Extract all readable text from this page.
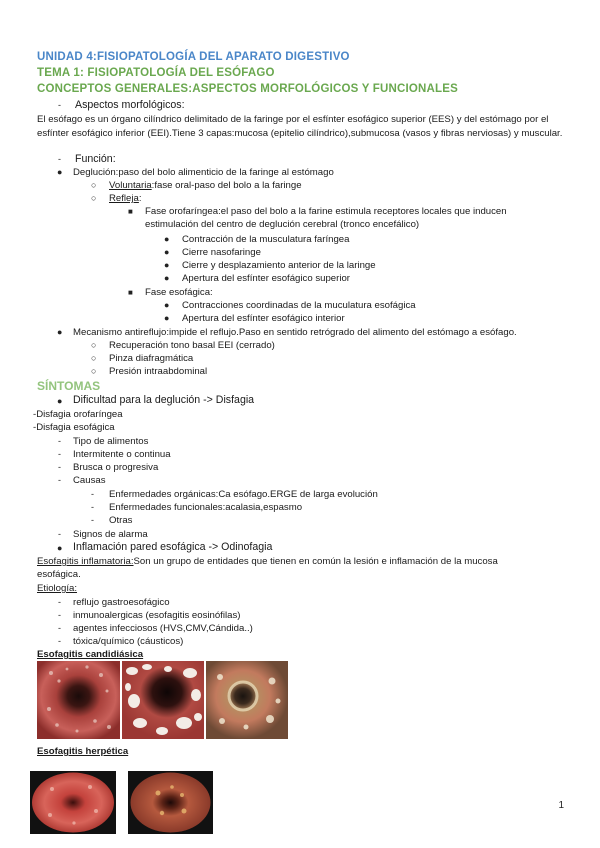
UNIDAD 4:FISIOPATOLOGÍA DEL APARATO DIGESTIVO
TEMA 1: FISIOPATOLOGÍA DEL ESÓFAGO
CONCEPTOS GENERALES:ASPECTOS MORFOLÓGICOS Y FUNCIONALES
- Aspectos morfológicos:
El esófago es un órgano cilíndrico delimitado de la faringe por el esfínter esofágico superior (EES) y del estómago por el esfínter esofágico inferior (EEI).Tiene 3 capas:mucosa (epitelio cilíndrico),submucosa (vasos y fibras nerviosas) y muscular.
- Función:
● Deglución:paso del bolo alimenticio de la faringe al estómago
○ Voluntaria:fase oral-paso del bolo a la faringe
○ Refleja:
■ Fase orofaríngea:el paso del bolo a la farine estimula receptores locales que inducen
estimulación del centro de deglución cerebral (tronco encefálico)
● Contracción de la musculatura faríngea
● Cierre nasofaringe
● Cierre y desplazamiento anterior de la laringe
● Apertura del esfínter esofágico superior
■ Fase esofágica:
● Contracciones coordinadas de la muculatura esofágica
● Apertura del esfínter esofágico interior
● Mecanismo antireflujo:impide el reflujo.Paso en sentido retrógrado del alimento del estómago a esófago.
○ Recuperación tono basal EEI (cerrado)
○ Pinza diafragmática
○ Presión intraabdominal
SÍNTOMAS
● Dificultad para la deglución -> Disfagia
-Disfagia orofaríngea
-Disfagia esofágica
- Tipo de alimentos
- Intermitente o continua
- Brusca o progresiva
- Causas
- Enfermedades orgánicas:Ca esófago.ERGE de larga evolución
- Enfermedades funcionales:acalasia,espasmo
- Otras
- Signos de alarma
● Inflamación pared esofágica -> Odinofagia
Esofagitis inflamatoria:Son un grupo de entidades que tienen en común la lesión e inflamación de la mucosa
esofágica.
Etiología:
- reflujo gastroesofágico
- inmunoalergicas (esofagitis eosinófilas)
- agentes infecciosos (HVS,CMV,Cándida..)
- tóxica/químico (cáusticos)
Esofagitis candidiásica
Esofagitis herpética
1
